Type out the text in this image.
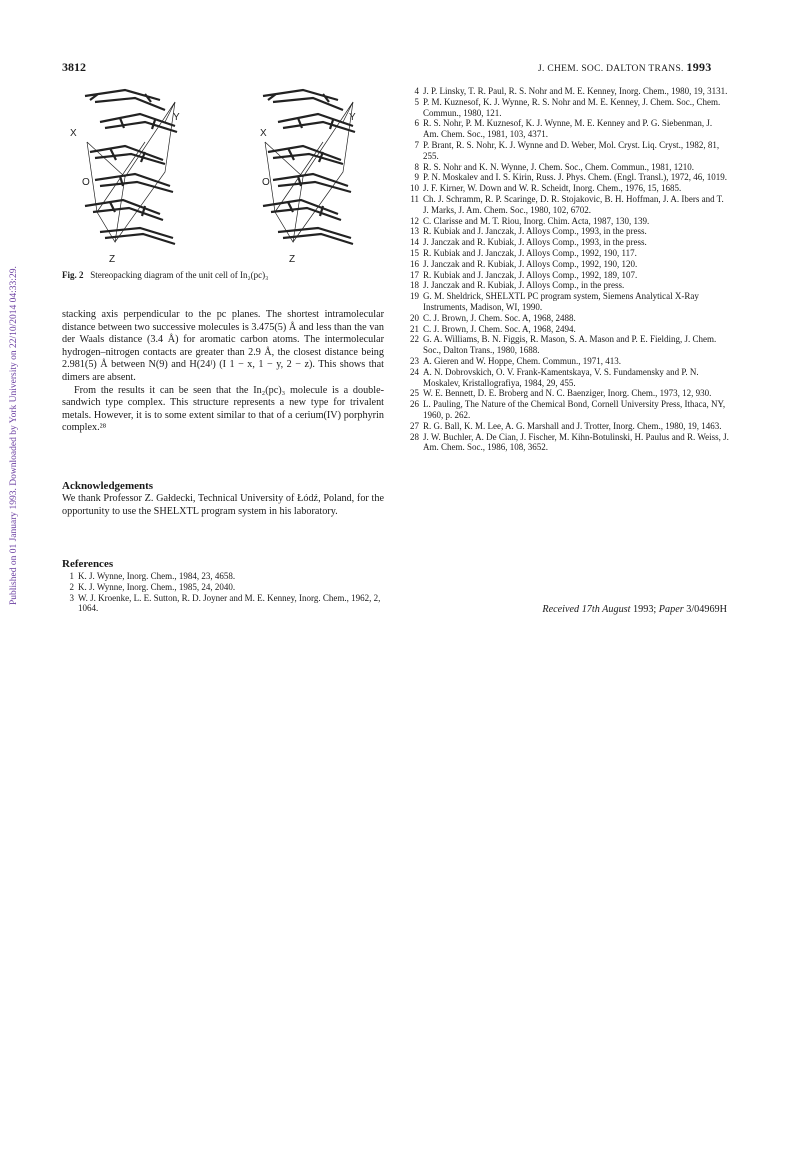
Published on 01 January 1993. Downloaded by York University on 22/10/2014 04:33:29.
3812	J. CHEM. SOC. DALTON TRANS. 1993
X
Y
O
Z
X
Y
O
Z
Fig. 2 Stereopacking diagram of the unit cell of In₂(pc)₃

stacking axis perpendicular to the pc planes. The shortest intramolecular distance between two successive molecules is 3.475(5) Å and less than the van der Waals distance (3.4 Å) for aromatic carbon atoms. The intermolecular hydrogen–nitrogen contacts are greater than 2.9 Å, the closest distance being 2.981(5) Å between N(9) and H(24ᴵ) (I 1 − x, 1 − y, 2 − z). This shows that dimers are absent.

From the results it can be seen that the In₂(pc)₃ molecule is a double-sandwich type complex. This structure represents a new type for trivalent metals. However, it is to some extent similar to that of a cerium(IV) porphyrin complex.²⁸

Acknowledgements
We thank Professor Z. Gałdecki, Technical University of Łódź, Poland, for the opportunity to use the SHELXTL program system in his laboratory.
References
1 K. J. Wynne, Inorg. Chem., 1984, 23, 4658.
2 K. J. Wynne, Inorg. Chem., 1985, 24, 2040.
3 W. J. Kroenke, L. E. Sutton, R. D. Joyner and M. E. Kenney, Inorg. Chem., 1962, 2, 1064.
4 J. P. Linsky, T. R. Paul, R. S. Nohr and M. E. Kenney, Inorg. Chem., 1980, 19, 3131.
5 P. M. Kuznesof, K. J. Wynne, R. S. Nohr and M. E. Kenney, J. Chem. Soc., Chem. Commun., 1980, 121.
6 R. S. Nohr, P. M. Kuznesof, K. J. Wynne, M. E. Kenney and P. G. Siebenman, J. Am. Chem. Soc., 1981, 103, 4371.
7 P. Brant, R. S. Nohr, K. J. Wynne and D. Weber, Mol. Cryst. Liq. Cryst., 1982, 81, 255.
8 R. S. Nohr and K. N. Wynne, J. Chem. Soc., Chem. Commun., 1981, 1210.
9 P. N. Moskalev and I. S. Kirin, Russ. J. Phys. Chem. (Engl. Transl.), 1972, 46, 1019.
10 J. F. Kirner, W. Down and W. R. Scheidt, Inorg. Chem., 1976, 15, 1685.
11 Ch. J. Schramm, R. P. Scaringe, D. R. Stojakovic, B. H. Hoffman, J. A. Ibers and T. J. Marks, J. Am. Chem. Soc., 1980, 102, 6702.
12 C. Clarisse and M. T. Riou, Inorg. Chim. Acta, 1987, 130, 139.
13 R. Kubiak and J. Janczak, J. Alloys Comp., 1993, in the press.
14 J. Janczak and R. Kubiak, J. Alloys Comp., 1993, in the press.
15 R. Kubiak and J. Janczak, J. Alloys Comp., 1992, 190, 117.
16 J. Janczak and R. Kubiak, J. Alloys Comp., 1992, 190, 120.
17 R. Kubiak and J. Janczak, J. Alloys Comp., 1992, 189, 107.
18 J. Janczak and R. Kubiak, J. Alloys Comp., in the press.
19 G. M. Sheldrick, SHELXTL PC program system, Siemens Analytical X-Ray Instruments, Madison, WI, 1990.
20 C. J. Brown, J. Chem. Soc. A, 1968, 2488.
21 C. J. Brown, J. Chem. Soc. A, 1968, 2494.
22 G. A. Williams, B. N. Figgis, R. Mason, S. A. Mason and P. E. Fielding, J. Chem. Soc., Dalton Trans., 1980, 1688.
23 A. Gieren and W. Hoppe, Chem. Commun., 1971, 413.
24 A. N. Dobrovskich, O. V. Frank-Kamentskaya, V. S. Fundamensky and P. N. Moskalev, Kristallografiya, 1984, 29, 455.
25 W. E. Bennett, D. E. Broberg and N. C. Baenziger, Inorg. Chem., 1973, 12, 930.
26 L. Pauling, The Nature of the Chemical Bond, Cornell University Press, Ithaca, NY, 1960, p. 262.
27 R. G. Ball, K. M. Lee, A. G. Marshall and J. Trotter, Inorg. Chem., 1980, 19, 1463.
28 J. W. Buchler, A. De Cian, J. Fischer, M. Kihn-Botulinski, H. Paulus and R. Weiss, J. Am. Chem. Soc., 1986, 108, 3652.
Received 17th August 1993; Paper 3/04969H
